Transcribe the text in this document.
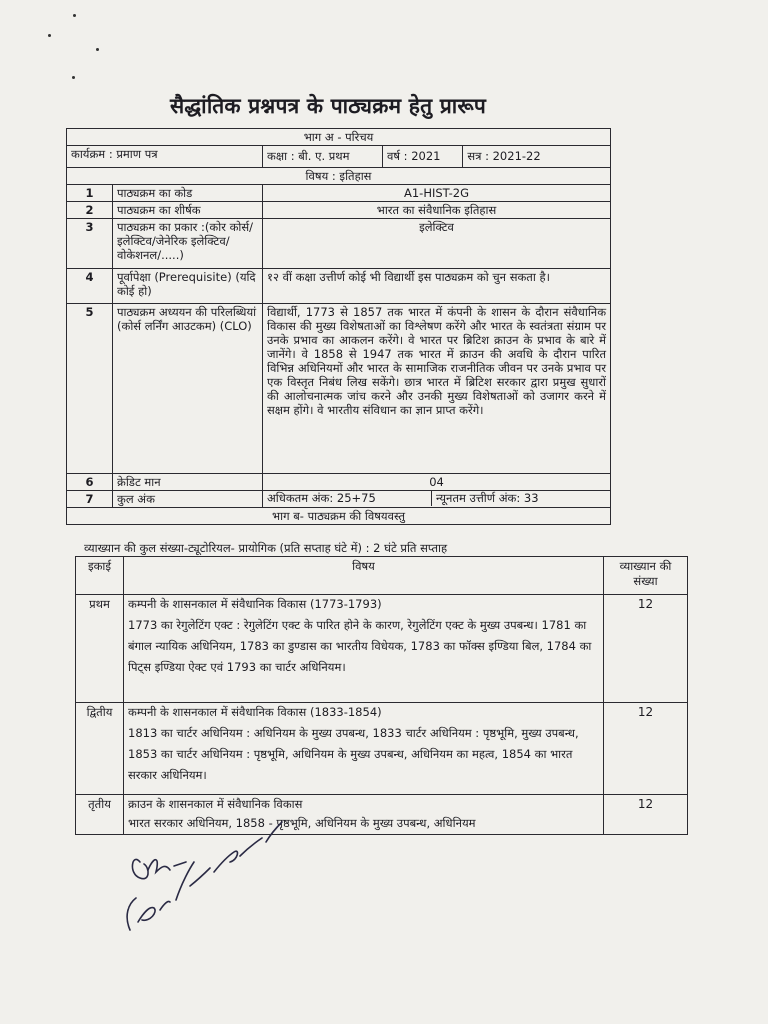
सैद्धांतिक प्रश्नपत्र के पाठ्यक्रम हेतु प्रारूप
भाग अ - परिचय		
कार्यक्रम : प्रमाण पत्र		कक्षा : बी. ए. प्रथम वर्ष : 2021 सत्र : 2021-22

विषय : इतिहास		
1	पाठ्यक्रम का कोड	A1-HIST-2G
2	पाठ्यक्रम का शीर्षक	भारत का संवैधानिक इतिहास
3	पाठ्यक्रम का प्रकार :(कोर कोर्स/इलेक्टिव/जेनेरिक इलेक्टिव/वोकेशनल/.....)	इलेक्टिव
4	पूर्वापेक्षा (Prerequisite) (यदि कोई हो)	१२ वीं कक्षा उत्तीर्ण कोई भी विद्यार्थी इस पाठ्यक्रम को चुन सकता है।
5	पाठ्यक्रम अध्ययन की परिलब्धियां (कोर्स लर्निंग आउटकम) (CLO)	विद्यार्थी, 1773 से 1857 तक भारत में कंपनी के शासन के दौरान संवैधानिक विकास की मुख्य विशेषताओं का विश्लेषण करेंगे और भारत के स्वतंत्रता संग्राम पर उनके प्रभाव का आकलन करेंगे। वे भारत पर ब्रिटिश क्राउन के प्रभाव के बारे में जानेंगे। वे 1858 से 1947 तक भारत में क्राउन की अवधि के दौरान पारित विभिन्न अधिनियमों और भारत के सामाजिक राजनीतिक जीवन पर उनके प्रभाव पर एक विस्तृत निबंध लिख सकेंगे। छात्र भारत में ब्रिटिश सरकार द्वारा प्रमुख सुधारों की आलोचनात्मक जांच करने और उनकी मुख्य विशेषताओं को उजागर करने में सक्षम होंगे। वे भारतीय संविधान का ज्ञान प्राप्त करेंगे।
6	क्रेडिट मान	04
7	कुल अंक	अधिकतम अंक: 25+75 न्यूनतम उत्तीर्ण अंक: 33

भाग ब- पाठ्यक्रम की विषयवस्तु		
व्याख्यान की कुल संख्या-ट्यूटोरियल- प्रायोगिक (प्रति सप्ताह घंटे में) : 2 घंटे प्रति सप्ताह
इकाई	विषय	व्याख्यान की संख्या
प्रथम	कम्पनी के शासनकाल में संवैधानिक विकास (1773-1793)
1773 का रेगुलेटिंग एक्ट : रेगुलेटिंग एक्ट के पारित होने के कारण, रेगुलेटिंग एक्ट के मुख्य उपबन्ध। 1781 का बंगाल न्यायिक अधिनियम, 1783 का डुण्डास का भारतीय विधेयक, 1783 का फॉक्स इण्डिया बिल, 1784 का पिट्स इण्डिया ऐक्ट एवं 1793 का चार्टर अधिनियम।	12
द्वितीय	कम्पनी के शासनकाल में संवैधानिक विकास (1833-1854)
1813 का चार्टर अधिनियम : अधिनियम के मुख्य उपबन्ध, 1833 चार्टर अधिनियम : पृष्ठभूमि, मुख्य उपबन्ध, 1853 का चार्टर अधिनियम : पृष्ठभूमि, अधिनियम के मुख्य उपबन्ध, अधिनियम का महत्व, 1854 का भारत सरकार अधिनियम।	12
तृतीय	क्राउन के शासनकाल में संवैधानिक विकास
भारत सरकार अधिनियम, 1858 - पृष्ठभूमि, अधिनियम के मुख्य उपबन्ध, अधिनियम	12
